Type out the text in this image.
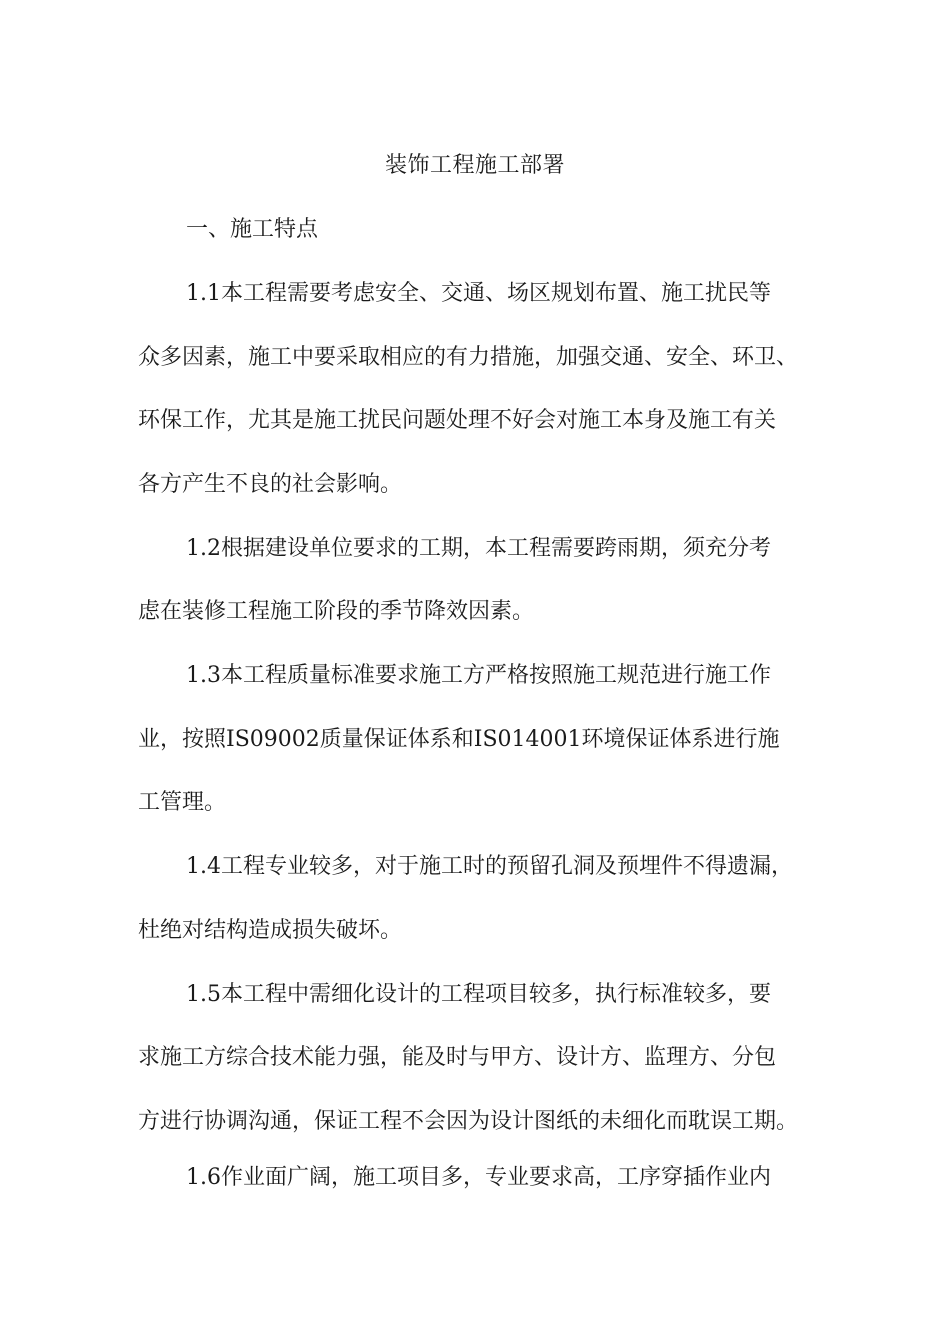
装饰工程施工部署
一、施工特点
1.1本工程需要考虑安全、交通、场区规划布置、施工扰民等
众多因素，施工中要采取相应的有力措施，加强交通、安全、环卫、
环保工作，尤其是施工扰民问题处理不好会对施工本身及施工有关
各方产生不良的社会影响。
1.2根据建设单位要求的工期，本工程需要跨雨期，须充分考
虑在装修工程施工阶段的季节降效因素。
1.3本工程质量标准要求施工方严格按照施工规范进行施工作
业，按照IS09002质量保证体系和IS014001环境保证体系进行施
工管理。
1.4工程专业较多，对于施工时的预留孔洞及预埋件不得遗漏，
杜绝对结构造成损失破坏。
1.5本工程中需细化设计的工程项目较多，执行标准较多，要
求施工方综合技术能力强，能及时与甲方、设计方、监理方、分包
方进行协调沟通，保证工程不会因为设计图纸的未细化而耽误工期。
1.6作业面广阔，施工项目多，专业要求高，工序穿插作业内
